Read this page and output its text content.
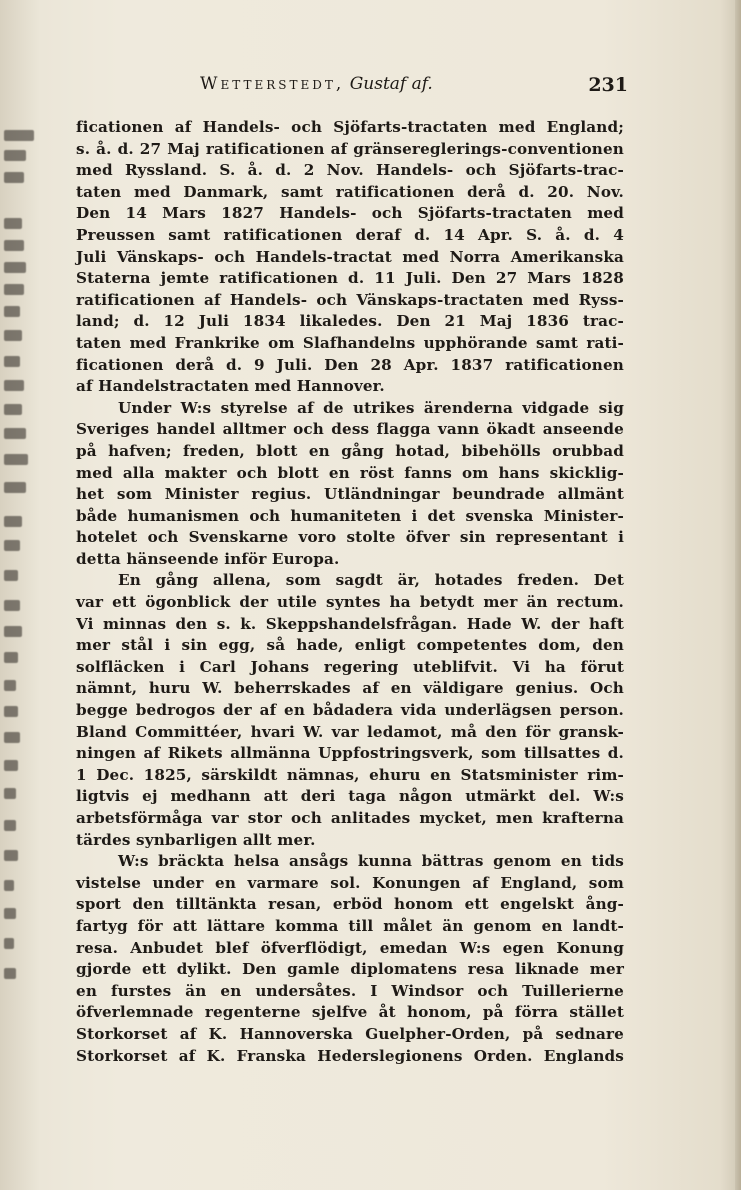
Wetterstedt, Gustaf af.	231
ficationen af Handels- och Sjöfarts-tractaten med England;
s. å. d. 27 Maj ratificationen af gränsereglerings-conventionen
med Ryssland. S. å. d. 2 Nov. Handels- och Sjöfarts-trac-
taten med Danmark, samt ratificationen derå d. 20. Nov.
Den 14 Mars 1827 Handels- och Sjöfarts-tractaten med
Preussen samt ratificationen deraf d. 14 Apr. S. å. d. 4
Juli Vänskaps- och Handels-tractat med Norra Amerikanska
Staterna jemte ratificationen d. 11 Juli. Den 27 Mars 1828
ratificationen af Handels- och Vänskaps-tractaten med Ryss-
land; d. 12 Juli 1834 likaledes. Den 21 Maj 1836 trac-
taten med Frankrike om Slafhandelns upphörande samt rati-
ficationen derå d. 9 Juli. Den 28 Apr. 1837 ratificationen
af Handelstractaten med Hannover.
Under W:s styrelse af de utrikes ärenderna vidgade sig
Sveriges handel alltmer och dess flagga vann ökadt anseende
på hafven; freden, blott en gång hotad, bibehölls orubbad
med alla makter och blott en röst fanns om hans skicklig-
het som Minister regius. Utländningar beundrade allmänt
både humanismen och humaniteten i det svenska Minister-
hotelet och Svenskarne voro stolte öfver sin representant i
detta hänseende inför Europa.
En gång allena, som sagdt är, hotades freden. Det
var ett ögonblick der utile syntes ha betydt mer än rectum.
Vi minnas den s. k. Skeppshandelsfrågan. Hade W. der haft
mer stål i sin egg, så hade, enligt competentes dom, den
solfläcken i Carl Johans regering uteblifvit. Vi ha förut
nämnt, huru W. beherrskades af en väldigare genius. Och
begge bedrogos der af en bådadera vida underlägsen person.
Bland Committéer, hvari W. var ledamot, må den för gransk-
ningen af Rikets allmänna Uppfostringsverk, som tillsattes d.
1 Dec. 1825, särskildt nämnas, ehuru en Statsminister rim-
ligtvis ej medhann att deri taga någon utmärkt del. W:s
arbetsförmåga var stor och anlitades mycket, men krafterna
tärdes synbarligen allt mer.
W:s bräckta helsa ansågs kunna bättras genom en tids
vistelse under en varmare sol. Konungen af England, som
sport den tilltänkta resan, erböd honom ett engelskt ång-
fartyg för att lättare komma till målet än genom en landt-
resa. Anbudet blef öfverflödigt, emedan W:s egen Konung
gjorde ett dylikt. Den gamle diplomatens resa liknade mer
en furstes än en undersåtes. I Windsor och Tuillerierne
öfverlemnade regenterne sjelfve åt honom, på förra stället
Storkorset af K. Hannoverska Guelpher-Orden, på sednare
Storkorset af K. Franska Hederslegionens Orden. Englands
